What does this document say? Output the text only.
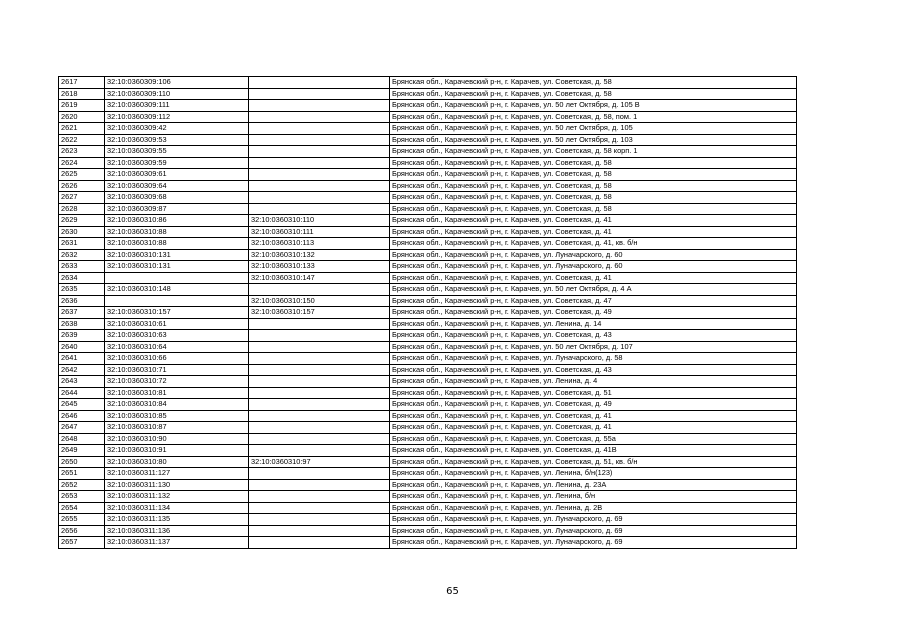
2617	32:10:0360309:106		Брянская обл., Карачевский р-н, г. Карачев, ул. Советская, д. 58
2618	32:10:0360309:110		Брянская обл., Карачевский р-н, г. Карачев, ул. Советская, д. 58
2619	32:10:0360309:111		Брянская обл., Карачевский р-н, г. Карачев, ул. 50 лет Октября, д. 105 В
2620	32:10:0360309:112		Брянская обл., Карачевский р-н, г. Карачев, ул. Советская, д. 58, пом. 1
2621	32:10:0360309:42		Брянская обл., Карачевский р-н, г. Карачев, ул. 50 лет Октября, д. 105
2622	32:10:0360309:53		Брянская обл., Карачевский р-н, г. Карачев, ул. 50 лет Октября, д. 103
2623	32:10:0360309:55		Брянская обл., Карачевский р-н, г. Карачев, ул. Советская, д. 58 корп. 1
2624	32:10:0360309:59		Брянская обл., Карачевский р-н, г. Карачев, ул. Советская, д. 58
2625	32:10:0360309:61		Брянская обл., Карачевский р-н, г. Карачев, ул. Советская, д. 58
2626	32:10:0360309:64		Брянская обл., Карачевский р-н, г. Карачев, ул. Советская, д. 58
2627	32:10:0360309:68		Брянская обл., Карачевский р-н, г. Карачев, ул. Советская, д. 58
2628	32:10:0360309:87		Брянская обл., Карачевский р-н, г. Карачев, ул. Советская, д. 58
2629	32:10:0360310:86	32:10:0360310:110	Брянская обл., Карачевский р-н, г. Карачев, ул. Советская, д. 41
2630	32:10:0360310:88	32:10:0360310:111	Брянская обл., Карачевский р-н, г. Карачев, ул. Советская, д. 41
2631	32:10:0360310:88	32:10:0360310:113	Брянская обл., Карачевский р-н, г. Карачев, ул. Советская, д. 41, кв. б/н
2632	32:10:0360310:131	32:10:0360310:132	Брянская обл., Карачевский р-н, г. Карачев, ул. Луначарского, д. 60
2633	32:10:0360310:131	32:10:0360310:133	Брянская обл., Карачевский р-н, г. Карачев, ул. Луначарского, д. 60
2634		32:10:0360310:147	Брянская обл., Карачевский р-н, г. Карачев, ул. Советская, д. 41
2635	32:10:0360310:148		Брянская обл., Карачевский р-н, г. Карачев, ул. 50 лет Октября, д. 4 А
2636		32:10:0360310:150	Брянская обл., Карачевский р-н, г. Карачев, ул. Советская, д. 47
2637	32:10:0360310:157	32:10:0360310:157	Брянская обл., Карачевский р-н, г. Карачев, ул. Советская, д. 49
2638	32:10:0360310:61		Брянская обл., Карачевский р-н, г. Карачев, ул. Ленина, д. 14
2639	32:10:0360310:63		Брянская обл., Карачевский р-н, г. Карачев, ул. Советская, д. 43
2640	32:10:0360310:64		Брянская обл., Карачевский р-н, г. Карачев, ул. 50 лет Октября, д. 107
2641	32:10:0360310:66		Брянская обл., Карачевский р-н, г. Карачев, ул. Луначарского, д. 58
2642	32:10:0360310:71		Брянская обл., Карачевский р-н, г. Карачев, ул. Советская, д. 43
2643	32:10:0360310:72		Брянская обл., Карачевский р-н, г. Карачев, ул. Ленина, д. 4
2644	32:10:0360310:81		Брянская обл., Карачевский р-н, г. Карачев, ул. Советская, д. 51
2645	32:10:0360310:84		Брянская обл., Карачевский р-н, г. Карачев, ул. Советская, д. 49
2646	32:10:0360310:85		Брянская обл., Карачевский р-н, г. Карачев, ул. Советская, д. 41
2647	32:10:0360310:87		Брянская обл., Карачевский р-н, г. Карачев, ул. Советская, д. 41
2648	32:10:0360310:90		Брянская обл., Карачевский р-н, г. Карачев, ул. Советская, д. 55а
2649	32:10:0360310:91		Брянская обл., Карачевский р-н, г. Карачев, ул. Советская, д. 41В
2650	32:10:0360310:80	32:10:0360310:97	Брянская обл., Карачевский р-н, г. Карачев, ул. Советская, д. 51, кв. б/н
2651	32:10:0360311:127		Брянская обл., Карачевский р-н, г. Карачев, ул. Ленина, б/н(123)
2652	32:10:0360311:130		Брянская обл., Карачевский р-н, г. Карачев, ул. Ленина, д. 23А
2653	32:10:0360311:132		Брянская обл., Карачевский р-н, г. Карачев, ул. Ленина, б/н
2654	32:10:0360311:134		Брянская обл., Карачевский р-н, г. Карачев, ул. Ленина, д. 2В
2655	32:10:0360311:135		Брянская обл., Карачевский р-н, г. Карачев, ул. Луначарского, д. 69
2656	32:10:0360311:136		Брянская обл., Карачевский р-н, г. Карачев, ул. Луначарского, д. 69
2657	32:10:0360311:137		Брянская обл., Карачевский р-н, г. Карачев, ул. Луначарского, д. 69
65
